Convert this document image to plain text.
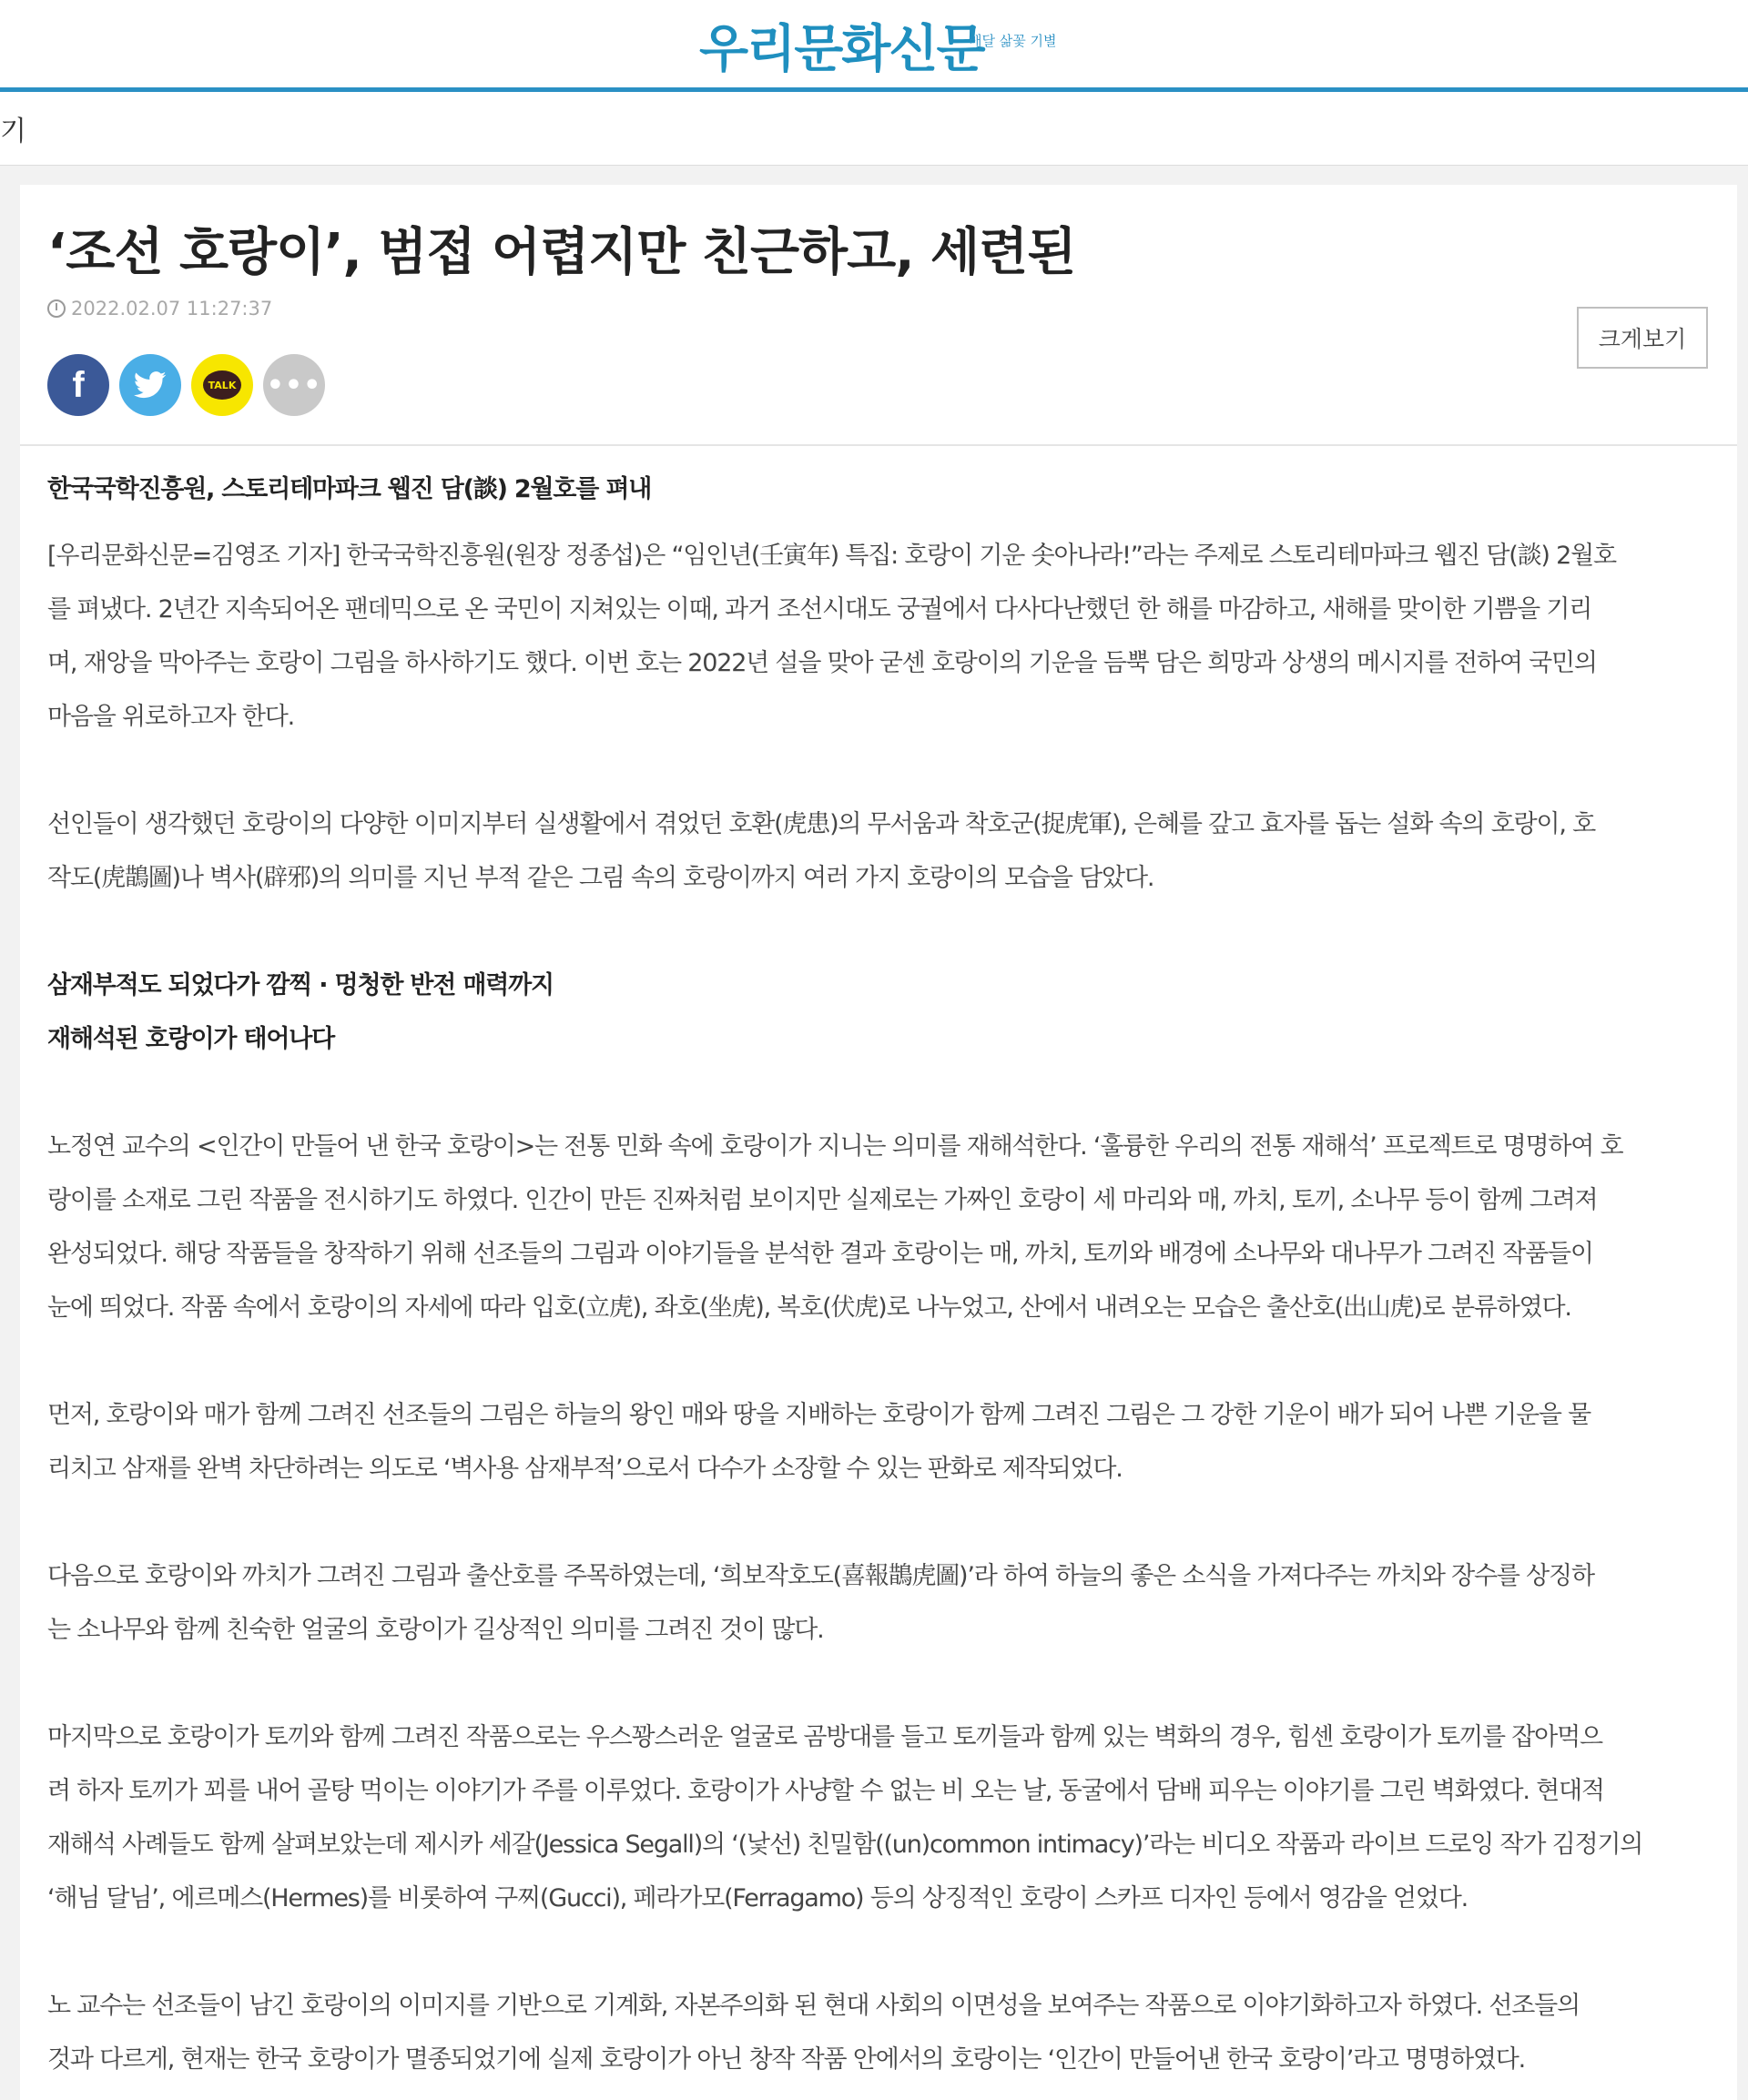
우리문화신문
배달 삶꽃 기별
기
‘조선 호랑이’, 범접 어렵지만 친근하고, 세련된
2022.02.07 11:27:37
f	TALK •••
크게보기

한국국학진흥원, 스토리테마파크 웹진 담(談) 2월호를 펴내

[우리문화신문=김영조 기자] 한국국학진흥원(원장 정종섭)은 “임인년(壬寅年) 특집: 호랑이 기운 솟아나라!”라는 주제로 스토리테마파크 웹진 담(談) 2월호

를 펴냈다. 2년간 지속되어온 팬데믹으로 온 국민이 지쳐있는 이때, 과거 조선시대도 궁궐에서 다사다난했던 한 해를 마감하고, 새해를 맞이한 기쁨을 기리

며, 재앙을 막아주는 호랑이 그림을 하사하기도 했다. 이번 호는 2022년 설을 맞아 굳센 호랑이의 기운을 듬뿍 담은 희망과 상생의 메시지를 전하여 국민의

마음을 위로하고자 한다.

선인들이 생각했던 호랑이의 다양한 이미지부터 실생활에서 겪었던 호환(虎患)의 무서움과 착호군(捉虎軍), 은혜를 갚고 효자를 돕는 설화 속의 호랑이, 호

작도(虎鵲圖)나 벽사(辟邪)의 의미를 지닌 부적 같은 그림 속의 호랑이까지 여러 가지 호랑이의 모습을 담았다.

삼재부적도 되었다가 깜찍 · 멍청한 반전 매력까지

재해석된 호랑이가 태어나다

노정연 교수의 <인간이 만들어 낸 한국 호랑이>는 전통 민화 속에 호랑이가 지니는 의미를 재해석한다. ‘훌륭한 우리의 전통 재해석’ 프로젝트로 명명하여 호

랑이를 소재로 그린 작품을 전시하기도 하였다. 인간이 만든 진짜처럼 보이지만 실제로는 가짜인 호랑이 세 마리와 매, 까치, 토끼, 소나무 등이 함께 그려져

완성되었다. 해당 작품들을 창작하기 위해 선조들의 그림과 이야기들을 분석한 결과 호랑이는 매, 까치, 토끼와 배경에 소나무와 대나무가 그려진 작품들이

눈에 띄었다. 작품 속에서 호랑이의 자세에 따라 입호(立虎), 좌호(坐虎), 복호(伏虎)로 나누었고, 산에서 내려오는 모습은 출산호(出山虎)로 분류하였다.

먼저, 호랑이와 매가 함께 그려진 선조들의 그림은 하늘의 왕인 매와 땅을 지배하는 호랑이가 함께 그려진 그림은 그 강한 기운이 배가 되어 나쁜 기운을 물

리치고 삼재를 완벽 차단하려는 의도로 ‘벽사용 삼재부적’으로서 다수가 소장할 수 있는 판화로 제작되었다.

다음으로 호랑이와 까치가 그려진 그림과 출산호를 주목하였는데, ‘희보작호도(喜報鵲虎圖)’라 하여 하늘의 좋은 소식을 가져다주는 까치와 장수를 상징하

는 소나무와 함께 친숙한 얼굴의 호랑이가 길상적인 의미를 그려진 것이 많다.

마지막으로 호랑이가 토끼와 함께 그려진 작품으로는 우스꽝스러운 얼굴로 곰방대를 들고 토끼들과 함께 있는 벽화의 경우, 힘센 호랑이가 토끼를 잡아먹으

려 하자 토끼가 꾀를 내어 골탕 먹이는 이야기가 주를 이루었다. 호랑이가 사냥할 수 없는 비 오는 날, 동굴에서 담배 피우는 이야기를 그린 벽화였다. 현대적

재해석 사례들도 함께 살펴보았는데 제시카 세갈(Jessica Segall)의 ‘(낯선) 친밀함((un)common intimacy)’라는 비디오 작품과 라이브 드로잉 작가 김정기의

‘해님 달님’, 에르메스(Hermes)를 비롯하여 구찌(Gucci), 페라가모(Ferragamo) 등의 상징적인 호랑이 스카프 디자인 등에서 영감을 얻었다.

노 교수는 선조들이 남긴 호랑이의 이미지를 기반으로 기계화, 자본주의화 된 현대 사회의 이면성을 보여주는 작품으로 이야기화하고자 하였다. 선조들의

것과 다르게, 현재는 한국 호랑이가 멸종되었기에 실제 호랑이가 아닌 창작 작품 안에서의 호랑이는 ‘인간이 만들어낸 한국 호랑이’라고 명명하였다.
